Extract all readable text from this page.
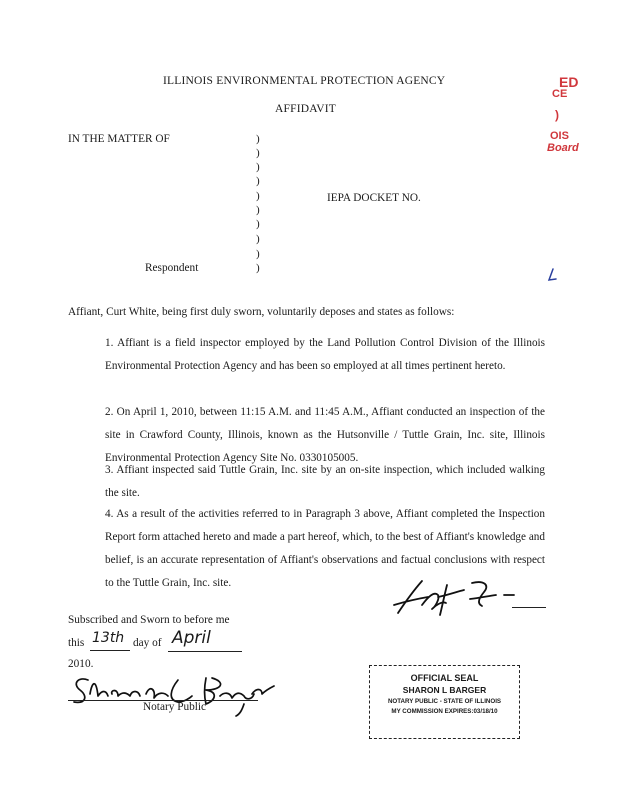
ILLINOIS ENVIRONMENTAL PROTECTION AGENCY
AFFIDAVIT
ED
CE
)
OIS
Board
IN THE MATTER OF
IEPA DOCKET NO.
Respondent
)
)
)
)
)
)
)
)
)
)
Affiant, Curt White, being first duly sworn, voluntarily deposes and states as follows:
1. Affiant is a field inspector employed by the Land Pollution Control Division of the Illinois Environmental Protection Agency and has been so employed at all times pertinent hereto.
2. On April 1, 2010, between 11:15 A.M. and 11:45 A.M., Affiant conducted an inspection of the site in Crawford County, Illinois, known as the Hutsonville / Tuttle Grain, Inc. site, Illinois Environmental Protection Agency Site No. 0330105005.
3. Affiant inspected said Tuttle Grain, Inc. site by an on-site inspection, which included walking the site.
4. As a result of the activities referred to in Paragraph 3 above, Affiant completed the Inspection Report form attached hereto and made a part hereof, which, to the best of Affiant's knowledge and belief, is an accurate representation of Affiant's observations and factual conclusions with respect to the Tuttle Grain, Inc. site.
Subscribed and Sworn to before me
this 13th day of April
2010.
Notary Public
OFFICIAL SEAL
SHARON L BARGER
NOTARY PUBLIC - STATE OF ILLINOIS
MY COMMISSION EXPIRES:03/18/10
